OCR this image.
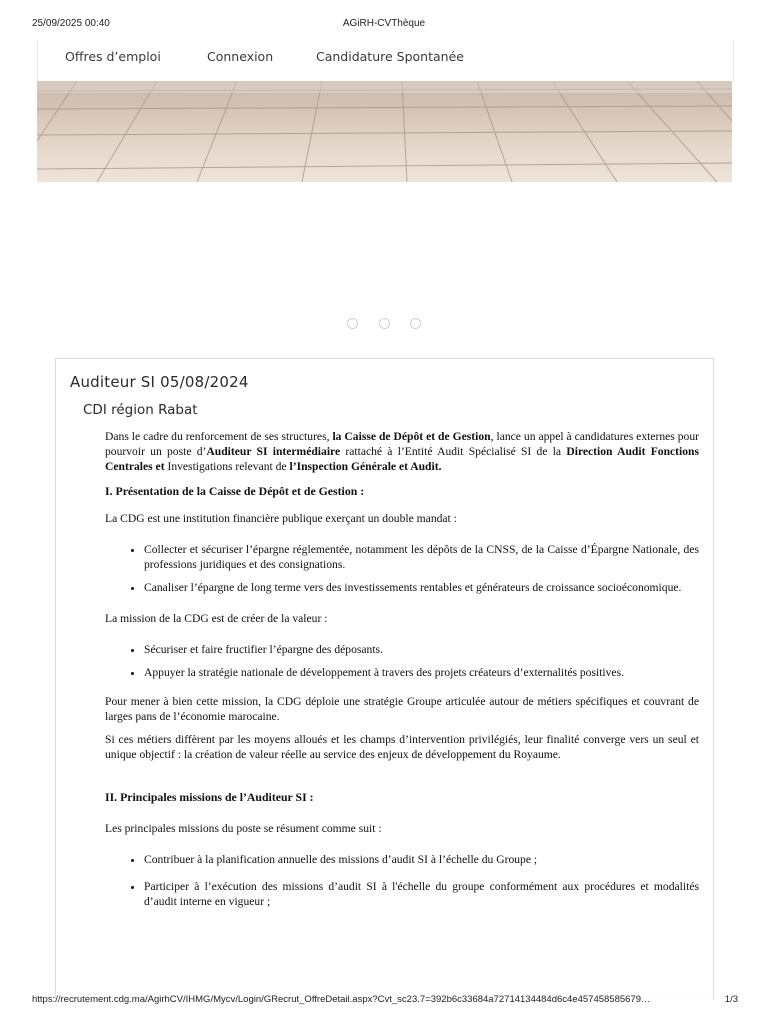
25/09/2025 00:40	AGiRH-CVThèque
Offres d’emploi	Connexion	Candidature Spontanée

Auditeur SI 05/08/2024
CDI région Rabat

Dans le cadre du renforcement de ses structures, la Caisse de Dépôt et de Gestion, lance un appel à candidatures externes pour pourvoir un poste d’Auditeur SI intermédiaire rattaché à l’Entité Audit Spécialisé SI de la Direction Audit Fonctions Centrales et Investigations relevant de l’Inspection Générale et Audit.

I. Présentation de la Caisse de Dépôt et de Gestion :

La CDG est une institution financière publique exerçant un double mandat :

• Collecter et sécuriser l’épargne réglementée, notamment les dépôts de la CNSS, de la Caisse d’Épargne Nationale, des professions juridiques et des consignations.
• Canaliser l’épargne de long terme vers des investissements rentables et générateurs de croissance socioéconomique.

La mission de la CDG est de créer de la valeur :

• Sécuriser et faire fructifier l’épargne des déposants.
• Appuyer la stratégie nationale de développement à travers des projets créateurs d’externalités positives.

Pour mener à bien cette mission, la CDG déploie une stratégie Groupe articulée autour de métiers spécifiques et couvrant de larges pans de l’économie marocaine.

Si ces métiers diffèrent par les moyens alloués et les champs d’intervention privilégiés, leur finalité converge vers un seul et unique objectif : la création de valeur réelle au service des enjeux de développement du Royaume.

II. Principales missions de l’Auditeur SI :

Les principales missions du poste se résument comme suit :

• Contribuer à la planification annuelle des missions d’audit SI à l’échelle du Groupe ;
• Participer à l’exécution des missions d’audit SI à l'échelle du groupe conformément aux procédures et modalités d’audit interne en vigueur ;
https://recrutement.cdg.ma/AgirhCV/IHMG/Mycv/Login/GRecrut_OffreDetail.aspx?Cvt_sc23.7=392b6c33684a72714134484d6c4e457458585679…	1/3
